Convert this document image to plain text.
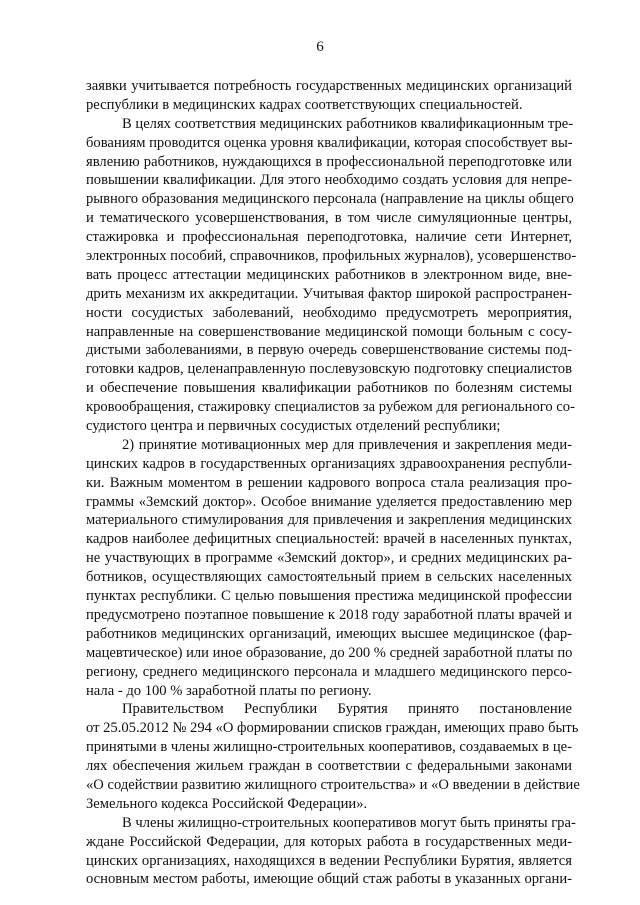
6
заявки учитывается потребность государственных медицинских организаций
республики в медицинских кадрах соответствующих специальностей.
В целях соответствия медицинских работников квалификационным тре-
бованиям проводится оценка уровня квалификации, которая способствует вы-
явлению работников, нуждающихся в профессиональной переподготовке или
повышении квалификации. Для этого необходимо создать условия для непре-
рывного образования медицинского персонала (направление на циклы общего
и тематического усовершенствования, в том числе симуляционные центры,
стажировка и профессиональная переподготовка, наличие сети Интернет,
электронных пособий, справочников, профильных журналов), усовершенство-
вать процесс аттестации медицинских работников в электронном виде, вне-
дрить механизм их аккредитации. Учитывая фактор широкой распространен-
ности сосудистых заболеваний, необходимо предусмотреть мероприятия,
направленные на совершенствование медицинской помощи больным с сосу-
дистыми заболеваниями, в первую очередь совершенствование системы под-
готовки кадров, целенаправленную послевузовскую подготовку специалистов
и обеспечение повышения квалификации работников по болезням системы
кровообращения, стажировку специалистов за рубежом для регионального со-
судистого центра и первичных сосудистых отделений республики;
2) принятие мотивационных мер для привлечения и закрепления меди-
цинских кадров в государственных организациях здравоохранения республи-
ки. Важным моментом в решении кадрового вопроса стала реализация про-
граммы «Земский доктор». Особое внимание уделяется предоставлению мер
материального стимулирования для привлечения и закрепления медицинских
кадров наиболее дефицитных специальностей: врачей в населенных пунктах,
не участвующих в программе «Земский доктор», и средних медицинских ра-
ботников, осуществляющих самостоятельный прием в сельских населенных
пунктах республики. С целью повышения престижа медицинской профессии
предусмотрено поэтапное повышение к 2018 году заработной платы врачей и
работников медицинских организаций, имеющих высшее медицинское (фар-
мацевтическое) или иное образование, до 200 % средней заработной платы по
региону, среднего медицинского персонала и младшего медицинского персо-
нала - до 100 % заработной платы по региону.
Правительством Республики Бурятия принято постановление
от 25.05.2012 № 294 «О формировании списков граждан, имеющих право быть
принятыми в члены жилищно-строительных кооперативов, создаваемых в це-
лях обеспечения жильем граждан в соответствии с федеральными законами
«О содействии развитию жилищного строительства» и «О введении в действие
Земельного кодекса Российской Федерации».
В члены жилищно-строительных кооперативов могут быть приняты гра-
ждане Российской Федерации, для которых работа в государственных меди-
цинских организациях, находящихся в ведении Республики Бурятия, является
основным местом работы, имеющие общий стаж работы в указанных органи-
